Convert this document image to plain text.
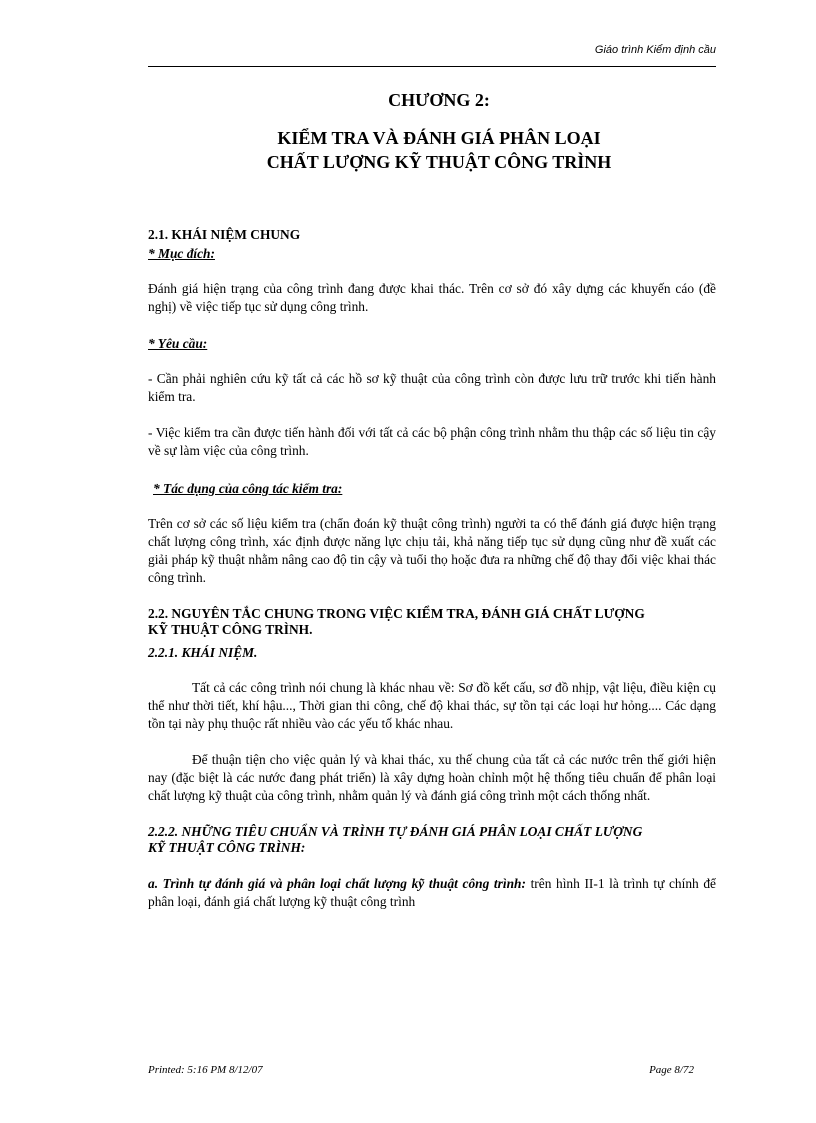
Giáo trình Kiểm định cầu
CHƯƠNG 2:
KIỂM TRA VÀ ĐÁNH GIÁ PHÂN LOẠI
CHẤT LƯỢNG KỸ THUẬT CÔNG TRÌNH
2.1. KHÁI NIỆM CHUNG
* Mục đích:

Đánh giá hiện trạng của công trình đang được khai thác. Trên cơ sở đó xây dựng các khuyến cáo (đề nghị) về việc tiếp tục sử dụng công trình.

* Yêu cầu:

- Cần phải nghiên cứu kỹ tất cả các hồ sơ kỹ thuật của công trình còn được lưu trữ trước khi tiến hành kiểm tra.

- Việc kiểm tra cần được tiến hành đối với tất cả các bộ phận công trình nhằm thu thập các số liệu tin cậy về sự làm việc của công trình.

* Tác dụng của công tác kiểm tra:

Trên cơ sở các số liệu kiểm tra (chẩn đoán kỹ thuật công trình) người ta có thể đánh giá được hiện trạng chất lượng công trình, xác định được năng lực chịu tải, khả năng tiếp tục sử dụng cũng như đề xuất các giải pháp kỹ thuật nhằm nâng cao độ tin cậy và tuổi thọ hoặc đưa ra những chế độ thay đổi việc khai thác công trình.

2.2. NGUYÊN TẮC CHUNG TRONG VIỆC KIỂM TRA, ĐÁNH GIÁ CHẤT LƯỢNG
KỸ THUẬT CÔNG TRÌNH.
2.2.1. KHÁI NIỆM.

Tất cả các công trình nói chung là khác nhau về: Sơ đồ kết cấu, sơ đồ nhịp, vật liệu, điều kiện cụ thể như thời tiết, khí hậu..., Thời gian thi công, chế độ khai thác, sự tồn tại các loại hư hỏng.... Các dạng tồn tại này phụ thuộc rất nhiều vào các yếu tố khác nhau.

Để thuận tiện cho việc quản lý và khai thác, xu thế chung của tất cả các nước trên thế giới hiện nay (đặc biệt là các nước đang phát triển) là xây dựng hoàn chỉnh một hệ thống tiêu chuẩn để phân loại chất lượng kỹ thuật của công trình, nhằm quản lý và đánh giá công trình một cách thống nhất.

2.2.2. NHỮNG TIÊU CHUẨN VÀ TRÌNH TỰ ĐÁNH GIÁ PHÂN LOẠI CHẤT LƯỢNG
KỸ THUẬT CÔNG TRÌNH:

a. Trình tự đánh giá và phân loại chất lượng kỹ thuật công trình: trên hình II-1 là trình tự chính để phân loại, đánh giá chất lượng kỹ thuật công trình

Printed: 5:16 PM 8/12/07	Page 8/72
